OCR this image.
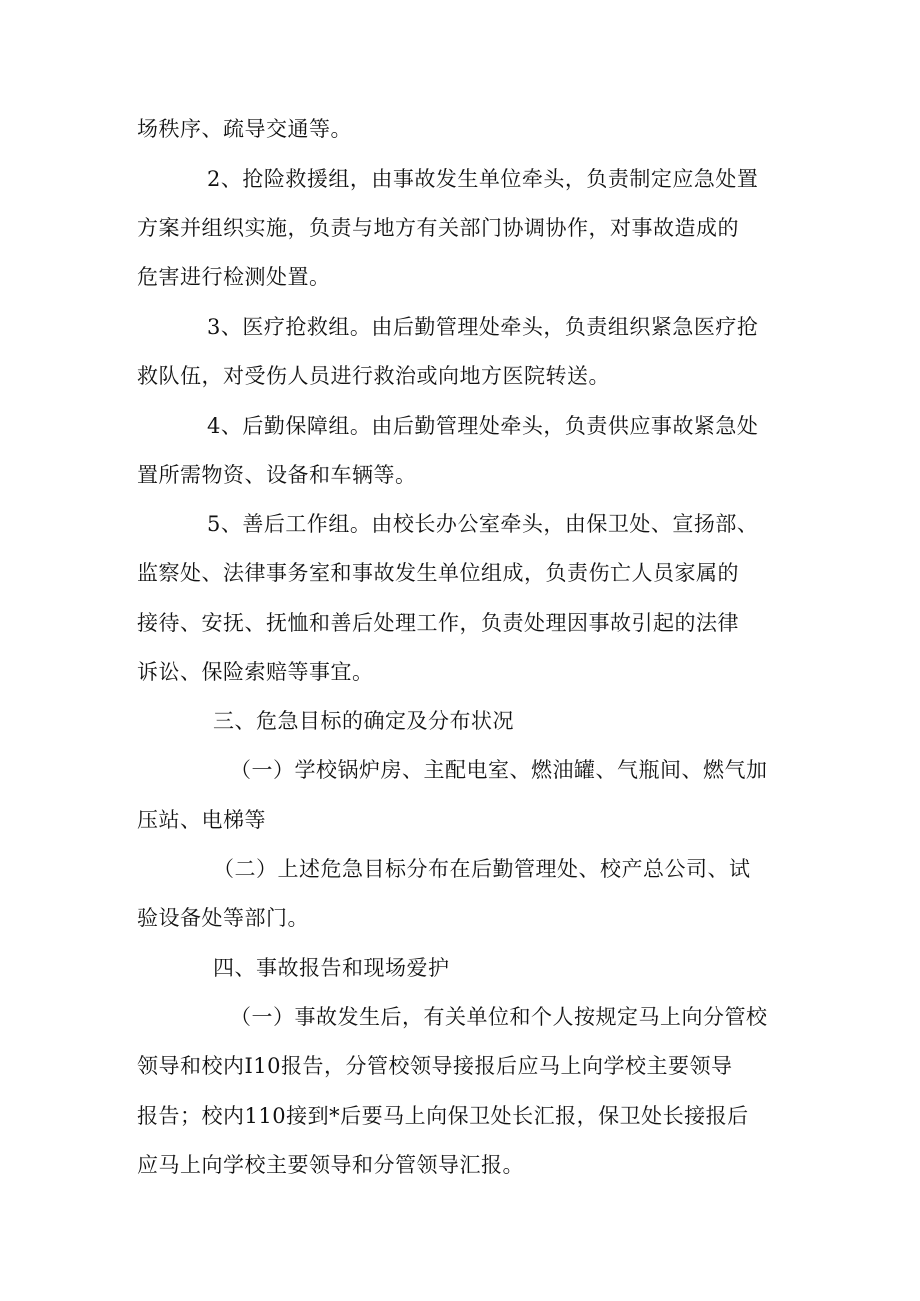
场秩序、疏导交通等。
2、抢险救援组，由事故发生单位牵头，负责制定应急处置
方案并组织实施，负责与地方有关部门协调协作，对事故造成的
危害进行检测处置。
3、医疗抢救组。由后勤管理处牵头，负责组织紧急医疗抢
救队伍，对受伤人员进行救治或向地方医院转送。
4、后勤保障组。由后勤管理处牵头，负责供应事故紧急处
置所需物资、设备和车辆等。
5、善后工作组。由校长办公室牵头，由保卫处、宣扬部、
监察处、法律事务室和事故发生单位组成，负责伤亡人员家属的
接待、安抚、抚恤和善后处理工作，负责处理因事故引起的法律
诉讼、保险索赔等事宜。
三、危急目标的确定及分布状况
（一）学校锅炉房、主配电室、燃油罐、气瓶间、燃气加
压站、电梯等
（二）上述危急目标分布在后勤管理处、校产总公司、试
验设备处等部门。
四、事故报告和现场爱护
（一）事故发生后，有关单位和个人按规定马上向分管校
领导和校内I10报告，分管校领导接报后应马上向学校主要领导
报告；校内110接到*后要马上向保卫处长汇报，保卫处长接报后
应马上向学校主要领导和分管领导汇报。
